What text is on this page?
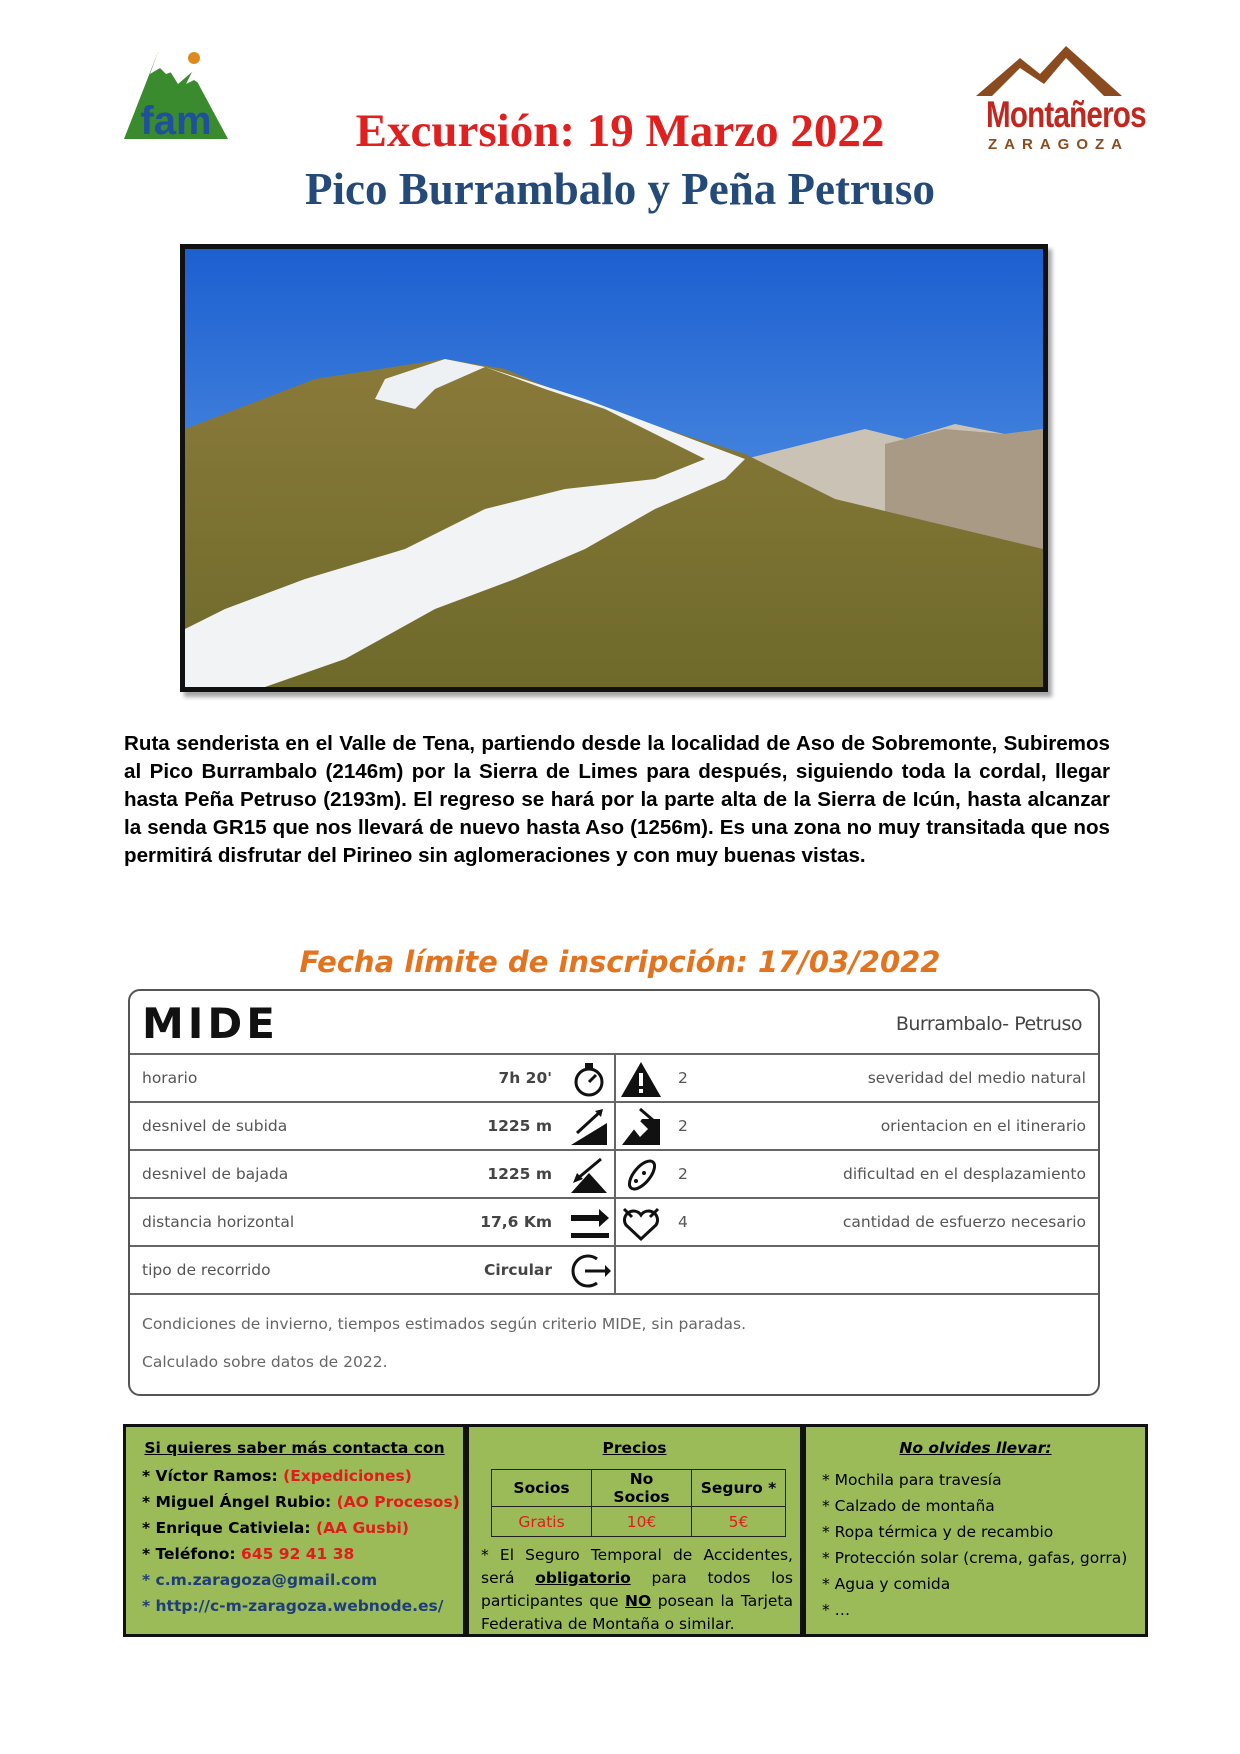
fam	Montañeros
ZARAGOZA
Excursión: 19 Marzo 2022
Pico Burrambalo y Peña Petruso
Ruta senderista en el Valle de Tena, partiendo desde la localidad de Aso de Sobremonte, Subiremos al Pico Burrambalo (2146m) por la Sierra de Limes para después, siguiendo toda la cordal, llegar hasta Peña Petruso (2193m). El regreso se hará por la parte alta de la Sierra de Icún, hasta alcanzar la senda GR15 que nos llevará de nuevo hasta Aso (1256m). Es una zona no muy transitada que nos permitirá disfrutar del Pirineo sin aglomeraciones y con muy buenas vistas.
Fecha límite de inscripción: 17/03/2022
MIDE	Burrambalo- Petruso
horario	7h 20'	2	severidad del medio natural
desnivel de subida	1225 m	2	orientacion en el itinerario
desnivel de bajada	1225 m	2	dificultad en el desplazamiento
distancia horizontal	17,6 Km	4	cantidad de esfuerzo necesario
tipo de recorrido	Circular
Condiciones de invierno, tiempos estimados según criterio MIDE, sin paradas.
Calculado sobre datos de 2022.
Si quieres saber más contacta con
* Víctor Ramos: (Expediciones)
* Miguel Ángel Rubio: (AO Procesos)
* Enrique Cativiela: (AA Gusbi)
* Teléfono: 645 92 41 38
* c.m.zaragoza@gmail.com
* http://c-m-zaragoza.webnode.es/
Precios
Socios	No Socios	Seguro *
Gratis	10€	5€
* El Seguro Temporal de Accidentes, será obligatorio para todos los participantes que NO posean la Tarjeta Federativa de Montaña o similar.
No olvides llevar:
* Mochila para travesía
* Calzado de montaña
* Ropa térmica y de recambio
* Protección solar (crema, gafas, gorra)
* Agua y comida
* …
